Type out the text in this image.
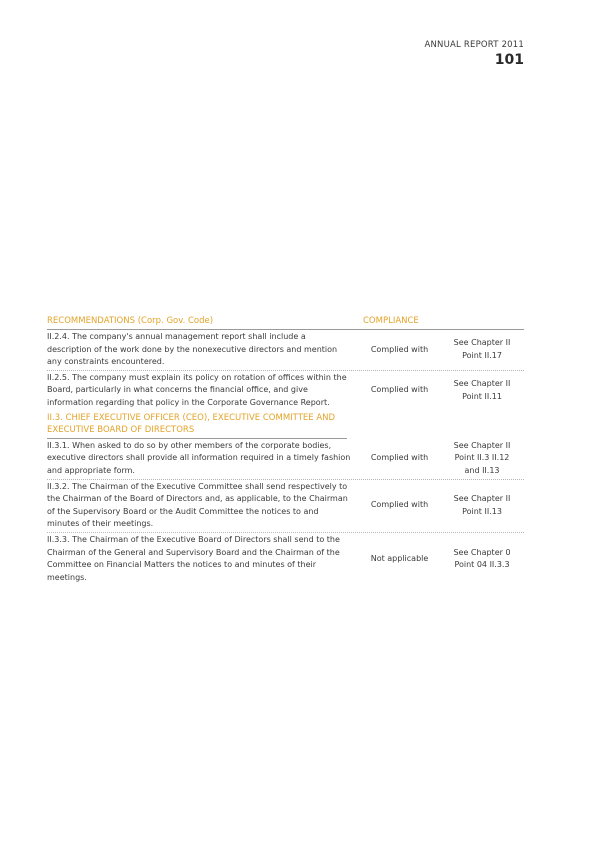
ANNUAL REPORT 2011
101
RECOMMENDATIONS (Corp. Gov. Code)	COMPLIANCE
II.2.4. The company's annual management report shall include a description of the work done by the nonexecutive directors and mention any constraints encountered.
Complied with
See Chapter II
Point II.17
II.2.5. The company must explain its policy on rotation of offices within the Board, particularly in what concerns the financial office, and give information regarding that policy in the Corporate Governance Report.
Complied with
See Chapter II
Point II.11
II.3. CHIEF EXECUTIVE OFFICER (CEO), EXECUTIVE COMMITTEE AND EXECUTIVE BOARD OF DIRECTORS
II.3.1. When asked to do so by other members of the corporate bodies, executive directors shall provide all information required in a timely fashion and appropriate form.
Complied with
See Chapter II
Point II.3 II.12
and II.13
II.3.2. The Chairman of the Executive Committee shall send respectively to the Chairman of the Board of Directors and, as applicable, to the Chairman of the Supervisory Board or the Audit Committee the notices to and minutes of their meetings.
Complied with
See Chapter II
Point II.13
II.3.3. The Chairman of the Executive Board of Directors shall send to the Chairman of the General and Supervisory Board and the Chairman of the Committee on Financial Matters the notices to and minutes of their meetings.
Not applicable
See Chapter 0
Point 04 II.3.3
